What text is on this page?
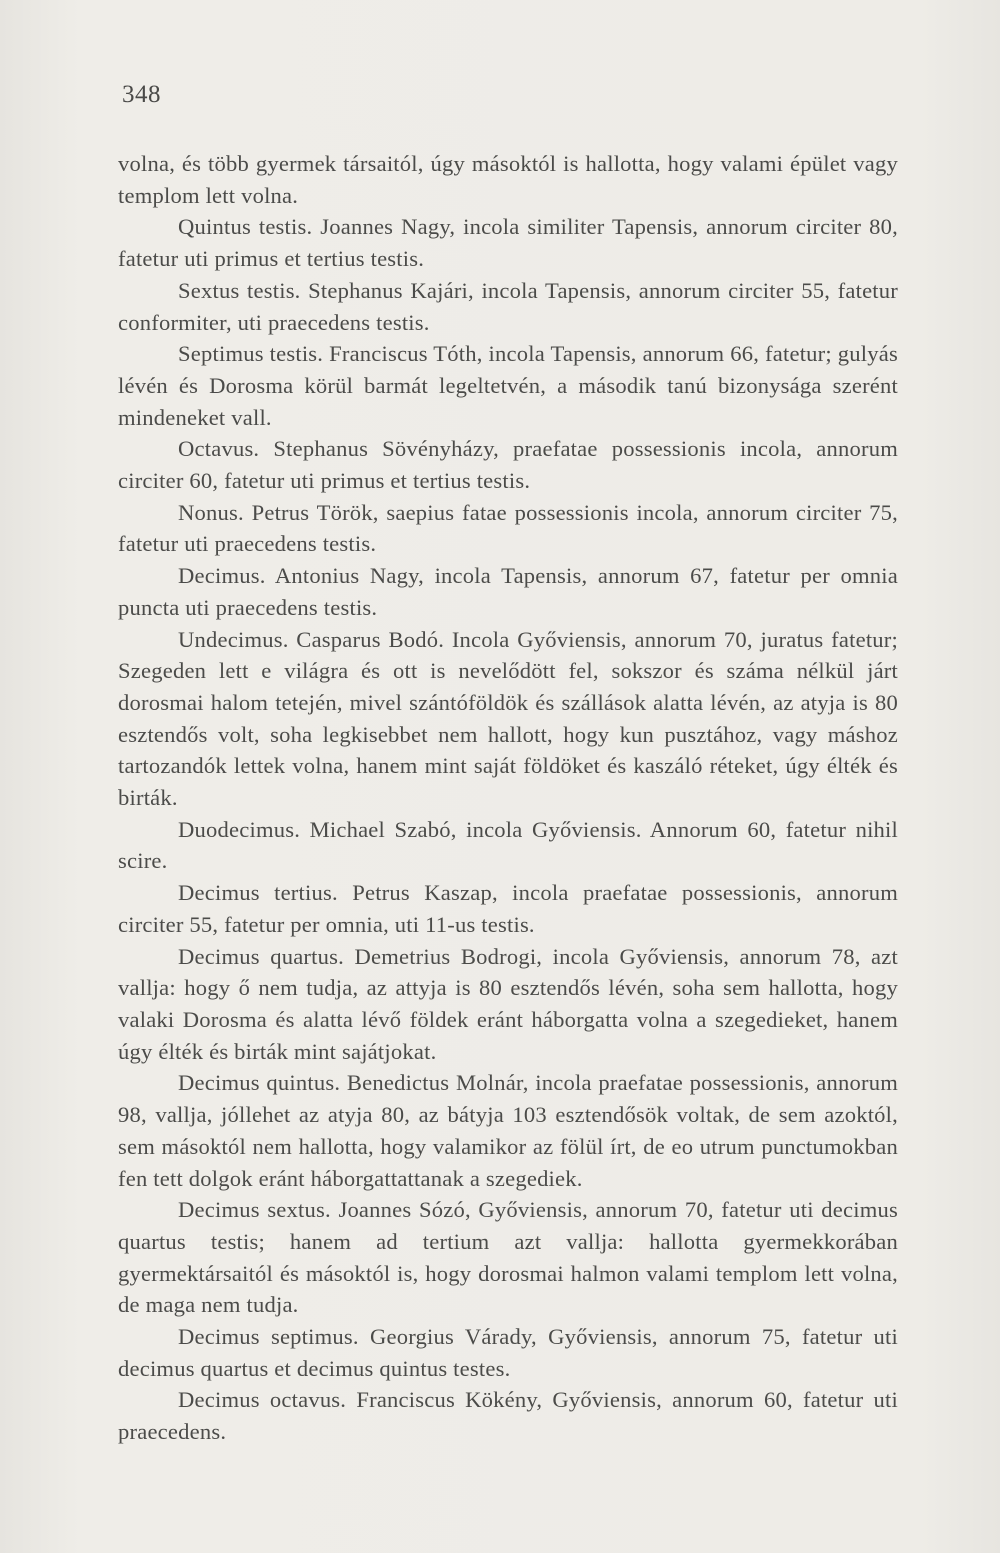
348

volna, és több gyermek társaitól, úgy másoktól is hallotta, hogy valami épület vagy templom lett volna.

Quintus testis. Joannes Nagy, incola similiter Tapensis, annorum circiter 80, fatetur uti primus et tertius testis.

Sextus testis. Stephanus Kajári, incola Tapensis, annorum circiter 55, fatetur conformiter, uti praecedens testis.

Septimus testis. Franciscus Tóth, incola Tapensis, annorum 66, fatetur; gulyás lévén és Dorosma körül barmát legeltetvén, a második tanú bizonysága szerént mindeneket vall.

Octavus. Stephanus Sövényházy, praefatae possessionis incola, annorum circiter 60, fatetur uti primus et tertius testis.

Nonus. Petrus Török, saepius fatae possessionis incola, annorum circiter 75, fatetur uti praecedens testis.

Decimus. Antonius Nagy, incola Tapensis, annorum 67, fatetur per omnia puncta uti praecedens testis.

Undecimus. Casparus Bodó. Incola Győviensis, annorum 70, juratus fatetur; Szegeden lett e világra és ott is nevelődött fel, sokszor és száma nélkül járt dorosmai halom tetején, mivel szántóföldök és szállások alatta lévén, az atyja is 80 esztendős volt, soha legkisebbet nem hallott, hogy kun pusztához, vagy máshoz tartozandók lettek volna, hanem mint saját földöket és kaszáló réteket, úgy élték és birták.

Duodecimus. Michael Szabó, incola Győviensis. Annorum 60, fatetur nihil scire.

Decimus tertius. Petrus Kaszap, incola praefatae possessionis, annorum circiter 55, fatetur per omnia, uti 11-us testis.

Decimus quartus. Demetrius Bodrogi, incola Győviensis, annorum 78, azt vallja: hogy ő nem tudja, az attyja is 80 esztendős lévén, soha sem hallotta, hogy valaki Dorosma és alatta lévő földek eránt háborgatta volna a szegedieket, hanem úgy élték és birták mint sajátjokat.

Decimus quintus. Benedictus Molnár, incola praefatae possessionis, annorum 98, vallja, jóllehet az atyja 80, az bátyja 103 esztendősök voltak, de sem azoktól, sem másoktól nem hallotta, hogy valamikor az fölül írt, de eo utrum punctumokban fen tett dolgok eránt háborgattattanak a szegediek.

Decimus sextus. Joannes Sózó, Győviensis, annorum 70, fatetur uti decimus quartus testis; hanem ad tertium azt vallja: hallotta gyermekkorában gyermektársaitól és másoktól is, hogy dorosmai halmon valami templom lett volna, de maga nem tudja.

Decimus septimus. Georgius Várady, Győviensis, annorum 75, fatetur uti decimus quartus et decimus quintus testes.

Decimus octavus. Franciscus Kökény, Győviensis, annorum 60, fatetur uti praecedens.
